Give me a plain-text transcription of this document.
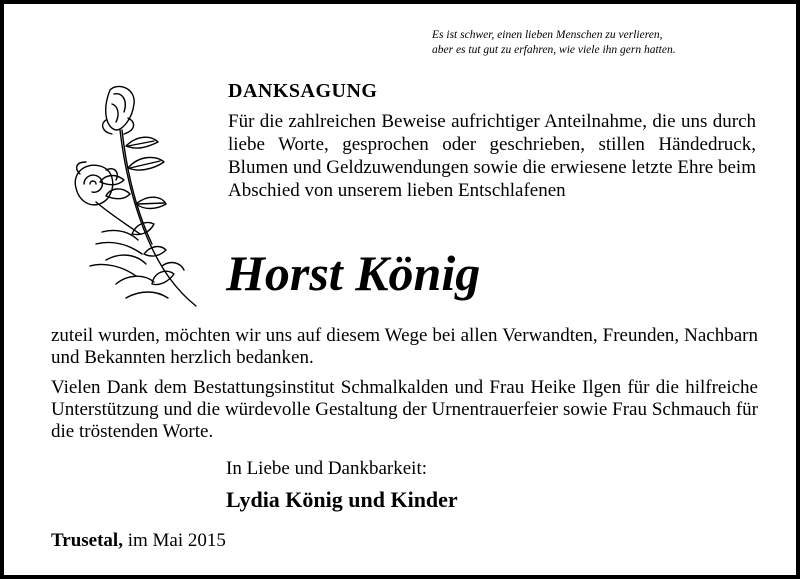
Es ist schwer, einen lieben Menschen zu verlieren,
aber es tut gut zu erfahren, wie viele ihn gern hatten.
DANKSAGUNG
Für die zahlreichen Beweise aufrichtiger Anteilnahme, die uns durch liebe Worte, gesprochen oder geschrieben, stillen Händedruck, Blumen und Geldzuwendungen sowie die erwiesene letzte Ehre beim Abschied von unserem lieben Entschlafenen
Horst König
zuteil wurden, möchten wir uns auf diesem Wege bei allen Verwandten, Freunden, Nachbarn und Bekannten herzlich bedanken.
Vielen Dank dem Bestattungsinstitut Schmalkalden und Frau Heike Ilgen für die hilfreiche Unterstützung und die würdevolle Gestaltung der Urnentrauerfeier sowie Frau Schmauch für die tröstenden Worte.
In Liebe und Dankbarkeit:
Lydia König und Kinder
Trusetal, im Mai 2015
